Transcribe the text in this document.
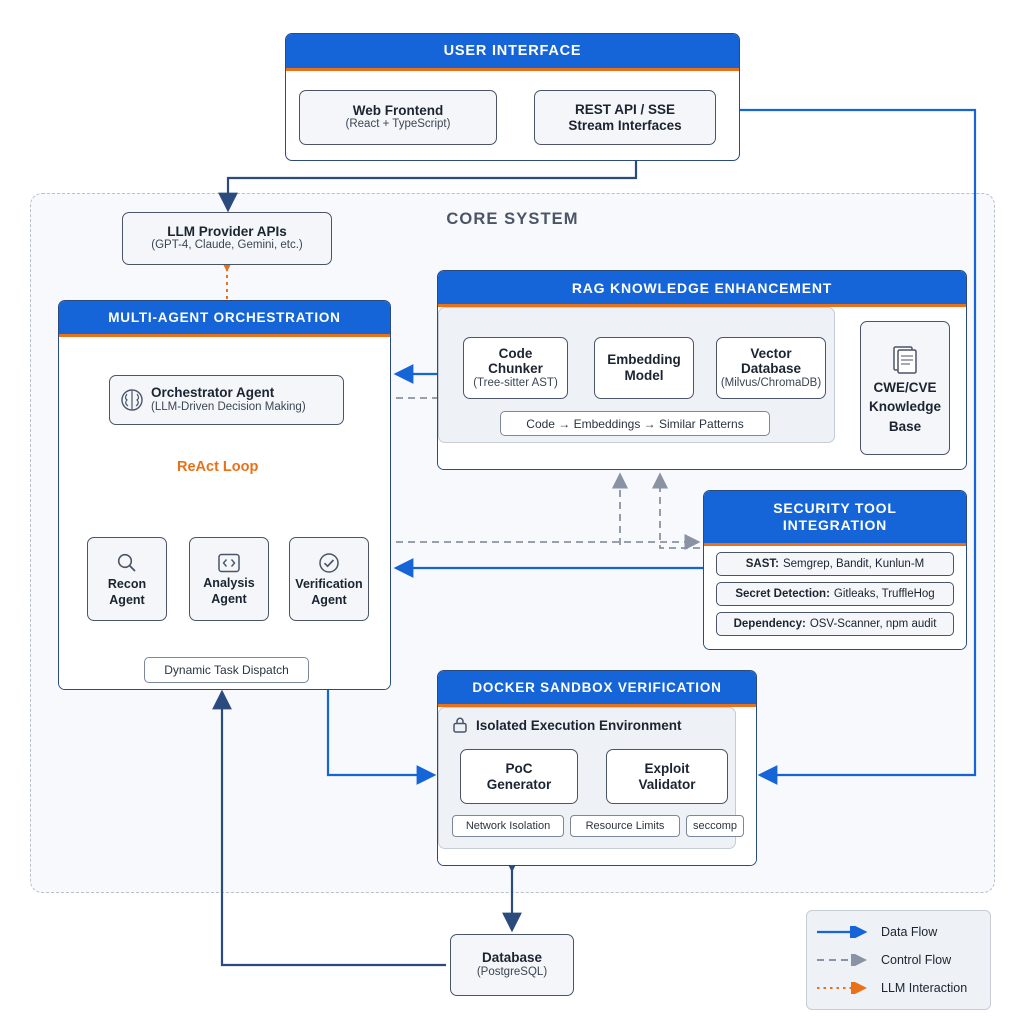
CORE SYSTEM
USER INTERFACE
Web Frontend
(React + TypeScript)
REST API / SSE
Stream Interfaces
LLM Provider APIs
(GPT-4, Claude, Gemini, etc.)
MULTI-AGENT ORCHESTRATION
Orchestrator Agent
(LLM-Driven Decision Making)
ReAct Loop
Recon
Agent
Analysis
Agent
Verification
Agent
Dynamic Task Dispatch
RAG KNOWLEDGE ENHANCEMENT
Code
Chunker
(Tree-sitter AST)
Embedding
Model
Vector
Database
(Milvus/ChromaDB)
Code → Embeddings → Similar Patterns
CWE/CVE
Knowledge
Base
SECURITY TOOL
INTEGRATION
SAST: Semgrep, Bandit, Kunlun-M
Secret Detection: Gitleaks, TruffleHog
Dependency: OSV-Scanner, npm audit
DOCKER SANDBOX VERIFICATION
Isolated Execution Environment
PoC
Generator
Exploit
Validator
Network Isolation	Resource Limits	seccomp
Database
(PostgreSQL)
Data Flow
Control Flow
LLM Interaction
